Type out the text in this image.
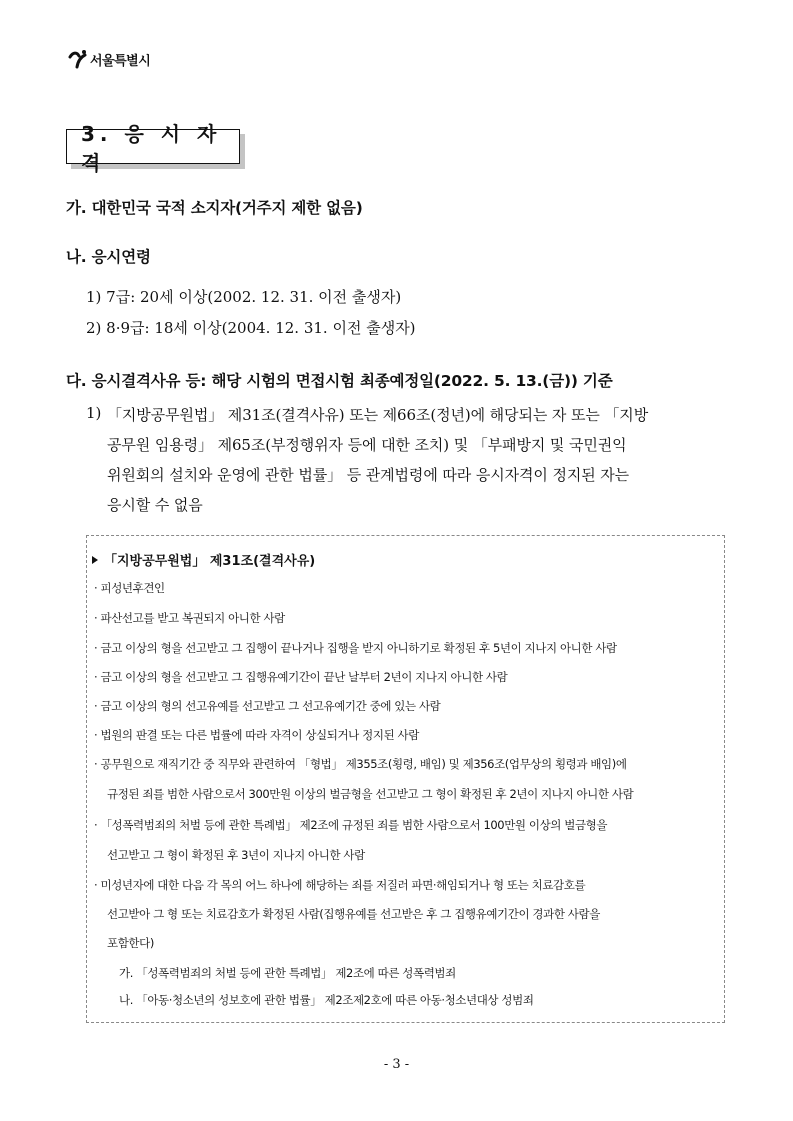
서울특별시
3. 응 시 자 격
가. 대한민국 국적 소지자(거주지 제한 없음)
나. 응시연령
1) 7급: 20세 이상(2002. 12. 31. 이전 출생자)
2) 8·9급: 18세 이상(2004. 12. 31. 이전 출생자)
다. 응시결격사유 등: 해당 시험의 면접시험 최종예정일(2022. 5. 13.(금)) 기준
1) 「지방공무원법」 제31조(결격사유) 또는 제66조(정년)에 해당되는 자 또는 「지방
공무원 임용령」 제65조(부정행위자 등에 대한 조치) 및 「부패방지 및 국민권익
위원회의 설치와 운영에 관한 법률」 등 관계법령에 따라 응시자격이 정지된 자는
응시할 수 없음
「지방공무원법」 제31조(결격사유)
· 피성년후견인
· 파산선고를 받고 복권되지 아니한 사람
· 금고 이상의 형을 선고받고 그 집행이 끝나거나 집행을 받지 아니하기로 확정된 후 5년이 지나지 아니한 사람
· 금고 이상의 형을 선고받고 그 집행유예기간이 끝난 날부터 2년이 지나지 아니한 사람
· 금고 이상의 형의 선고유예를 선고받고 그 선고유예기간 중에 있는 사람
· 법원의 판결 또는 다른 법률에 따라 자격이 상실되거나 정지된 사람
· 공무원으로 재직기간 중 직무와 관련하여 「형법」 제355조(횡령, 배임) 및 제356조(업무상의 횡령과 배임)에
규정된 죄를 범한 사람으로서 300만원 이상의 벌금형을 선고받고 그 형이 확정된 후 2년이 지나지 아니한 사람
· 「성폭력범죄의 처벌 등에 관한 특례법」 제2조에 규정된 죄를 범한 사람으로서 100만원 이상의 벌금형을
선고받고 그 형이 확정된 후 3년이 지나지 아니한 사람
· 미성년자에 대한 다음 각 목의 어느 하나에 해당하는 죄를 저질러 파면·해임되거나 형 또는 치료감호를
선고받아 그 형 또는 치료감호가 확정된 사람(집행유예를 선고받은 후 그 집행유예기간이 경과한 사람을
포함한다)
가. 「성폭력범죄의 처벌 등에 관한 특례법」 제2조에 따른 성폭력범죄
나. 「아동·청소년의 성보호에 관한 법률」 제2조제2호에 따른 아동·청소년대상 성범죄
- 3 -
